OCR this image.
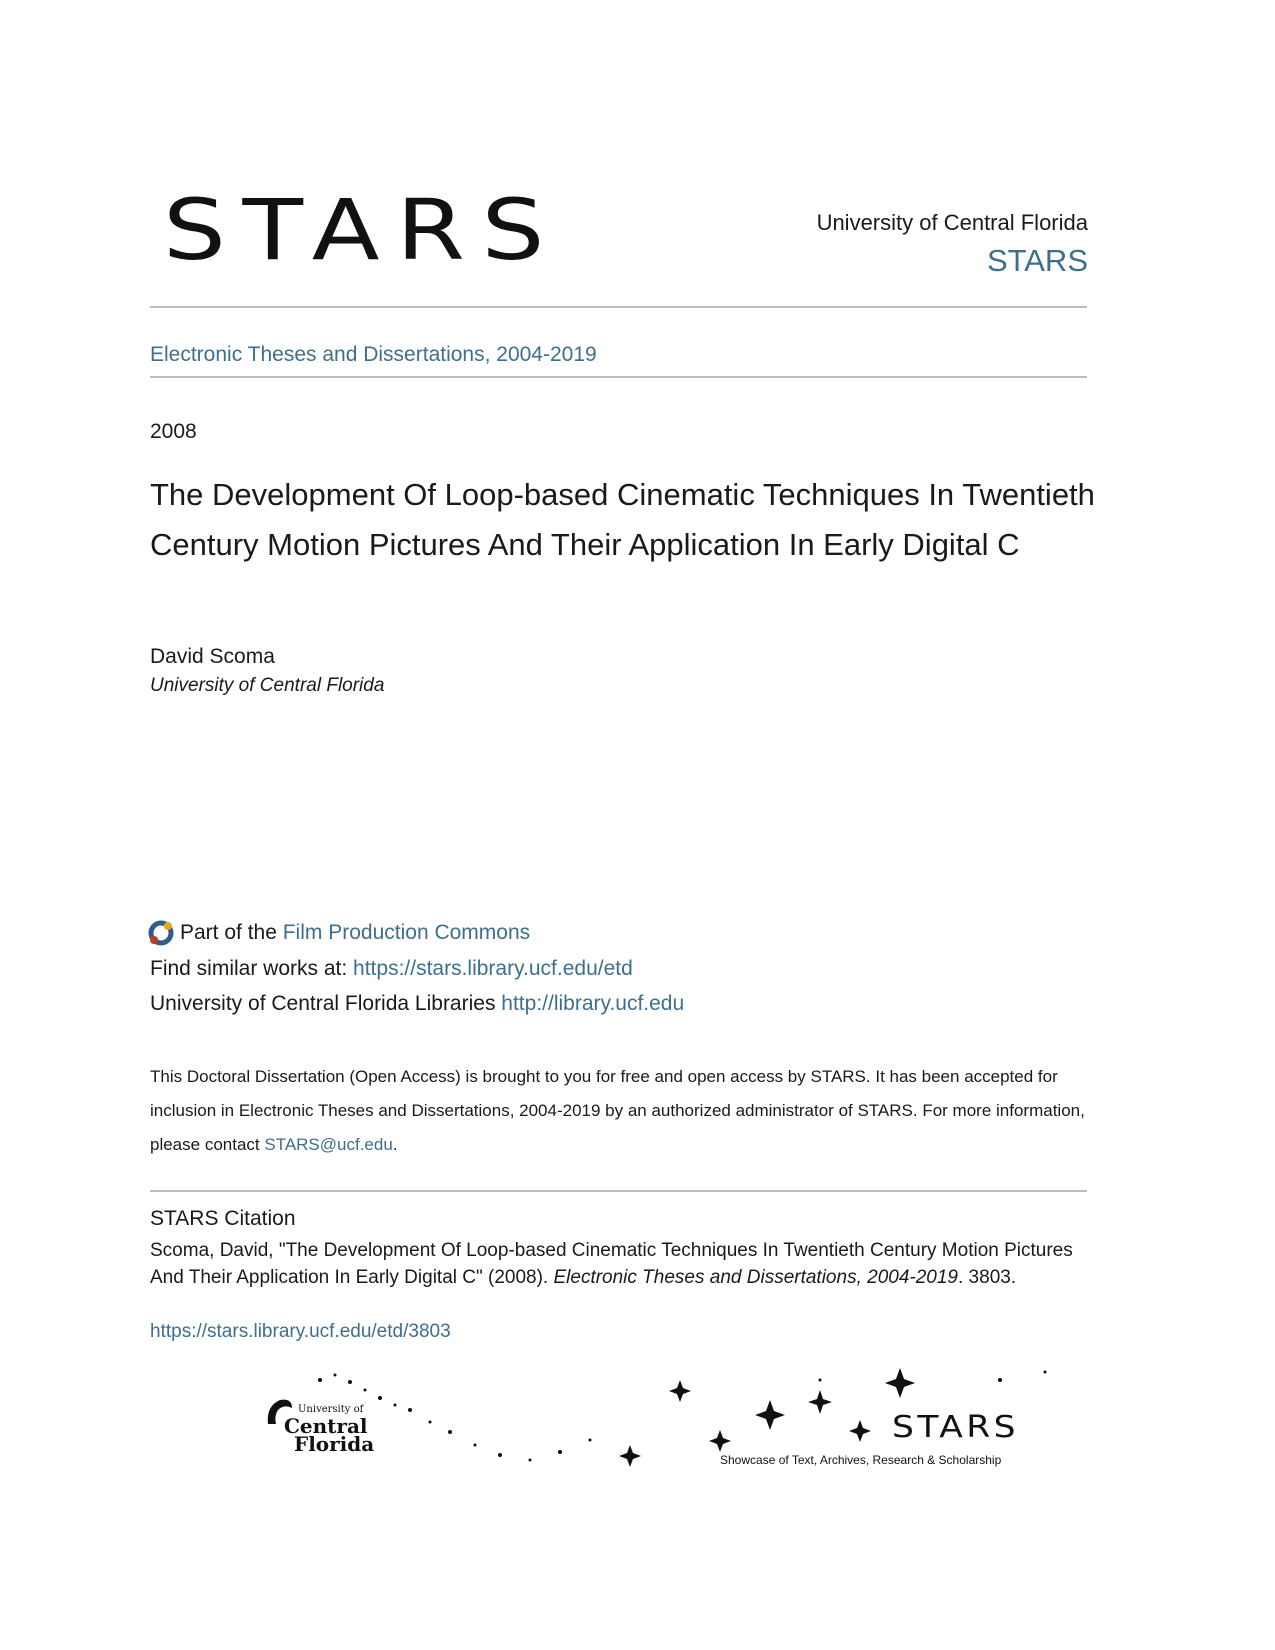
STARS	University of Central Florida
STARS
Electronic Theses and Dissertations, 2004-2019
2008
The Development Of Loop-based Cinematic Techniques In Twentieth Century Motion Pictures And Their Application In Early Digital C
David Scoma
University of Central Florida
Part of the Film Production Commons
Find similar works at: https://stars.library.ucf.edu/etd
University of Central Florida Libraries http://library.ucf.edu
This Doctoral Dissertation (Open Access) is brought to you for free and open access by STARS. It has been accepted for inclusion in Electronic Theses and Dissertations, 2004-2019 by an authorized administrator of STARS. For more information, please contact STARS@ucf.edu.
STARS Citation
Scoma, David, "The Development Of Loop-based Cinematic Techniques In Twentieth Century Motion Pictures And Their Application In Early Digital C" (2008). Electronic Theses and Dissertations, 2004-2019. 3803.
https://stars.library.ucf.edu/etd/3803
University of
Central
Florida	STARS
Showcase of Text, Archives, Research & Scholarship
